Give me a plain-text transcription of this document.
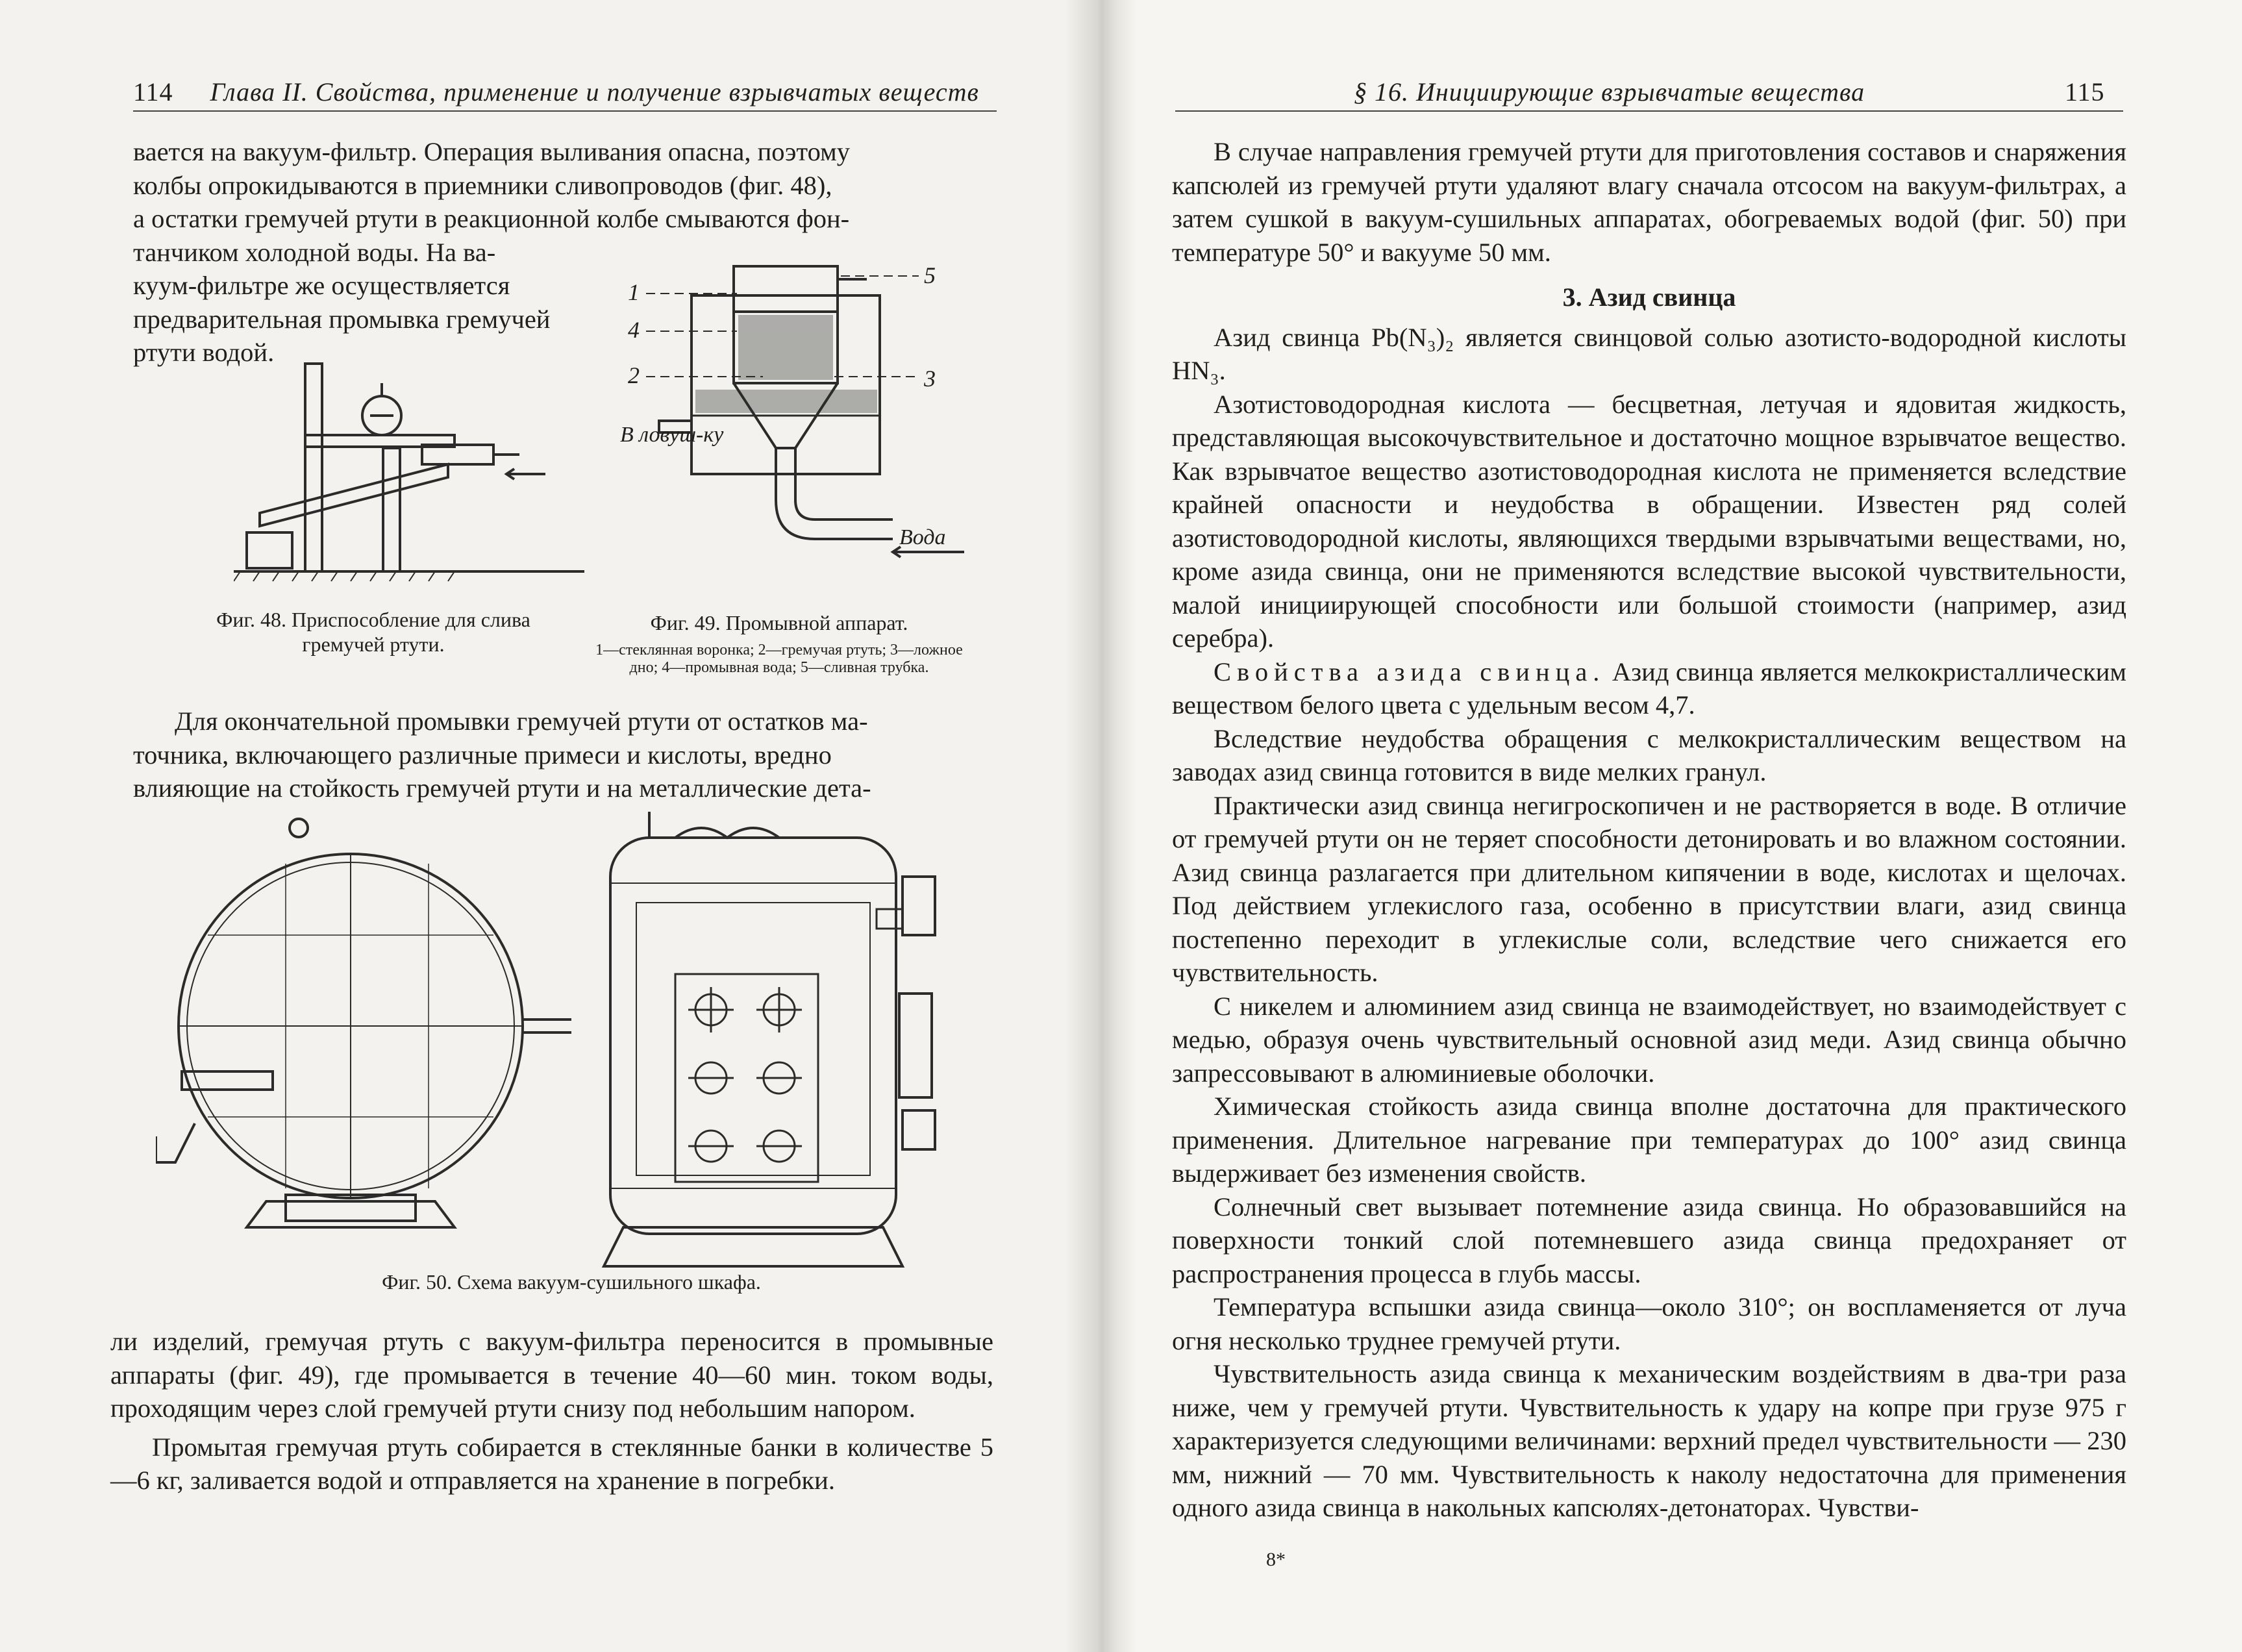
114 Глава II. Свойства, применение и получение взрывчатых веществ

вается на вакуум-фильтр. Операция выливания опасна, поэтому

колбы опрокидываются в приемники сливопроводов (фиг. 48),

а остатки гремучей ртути в реакционной колбе смываются фон-

танчиком холодной воды. На ва-

куум-фильтре же осуществляется

предварительная промывка гремучей

ртути водой.

Фиг. 48. Приспособление для слива гремучей ртути.
1
4
2	3
5
В ловуш-ку
Вода
Фиг. 49. Промывной аппарат.
1—стеклянная воронка; 2—гремучая ртуть; 3—ложное дно; 4—промывная вода; 5—сливная трубка.

Для окончательной промывки гремучей ртути от остатков ма-

точника, включающего различные примеси и кислоты, вредно

влияющие на стойкость гремучей ртути и на металлические дета-

Фиг. 50. Схема вакуум-сушильного шкафа.

ли изделий, гремучая ртуть с вакуум-фильтра переносится в промывные аппараты (фиг. 49), где промывается в течение 40—60 мин. током воды, проходящим через слой гремучей ртути снизу под небольшим напором.

Промытая гремучая ртуть собирается в стеклянные банки в количестве 5—6 кг, заливается водой и отправляется на хранение в погребки.

§ 16. Инициирующие взрывчатые вещества	115

В случае направления гремучей ртути для приготовления составов и снаряжения капсюлей из гремучей ртути удаляют влагу сначала отсосом на вакуум-фильтрах, а затем сушкой в вакуум-сушильных аппаратах, обогреваемых водой (фиг. 50) при температуре 50° и вакууме 50 мм.

3. Азид свинца

Азид свинца Pb(N₃)₂ является свинцовой солью азотисто-водородной кислоты HN₃.

Азотистоводородная кислота — бесцветная, летучая и ядовитая жидкость, представляющая высокочувствительное и достаточно мощное взрывчатое вещество. Как взрывчатое вещество азотистоводородная кислота не применяется вследствие крайней опасности и неудобства в обращении. Известен ряд солей азотистоводородной кислоты, являющихся твердыми взрывчатыми веществами, но, кроме азида свинца, они не применяются вследствие высокой чувствительности, малой инициирующей способности или большой стоимости (например, азид серебра).

Свойства азида свинца. Азид свинца является мелкокристаллическим веществом белого цвета с удельным весом 4,7.

Вследствие неудобства обращения с мелкокристаллическим веществом на заводах азид свинца готовится в виде мелких гранул.

Практически азид свинца негигроскопичен и не растворяется в воде. В отличие от гремучей ртути он не теряет способности детонировать и во влажном состоянии. Азид свинца разлагается при длительном кипячении в воде, кислотах и щелочах. Под действием углекислого газа, особенно в присутствии влаги, азид свинца постепенно переходит в углекислые соли, вследствие чего снижается его чувствительность.

С никелем и алюминием азид свинца не взаимодействует, но взаимодействует с медью, образуя очень чувствительный основной азид меди. Азид свинца обычно запрессовывают в алюминиевые оболочки.

Химическая стойкость азида свинца вполне достаточна для практического применения. Длительное нагревание при температурах до 100° азид свинца выдерживает без изменения свойств.

Солнечный свет вызывает потемнение азида свинца. Но образовавшийся на поверхности тонкий слой потемневшего азида свинца предохраняет от распространения процесса в глубь массы.

Температура вспышки азида свинца—около 310°; он воспламеняется от луча огня несколько труднее гремучей ртути.

Чувствительность азида свинца к механическим воздействиям в два-три раза ниже, чем у гремучей ртути. Чувствительность к удару на копре при грузе 975 г характеризуется следующими величинами: верхний предел чувствительности — 230 мм, нижний — 70 мм. Чувствительность к наколу недостаточна для применения одного азида свинца в накольных капсюлях-детонаторах. Чувстви-

8*
